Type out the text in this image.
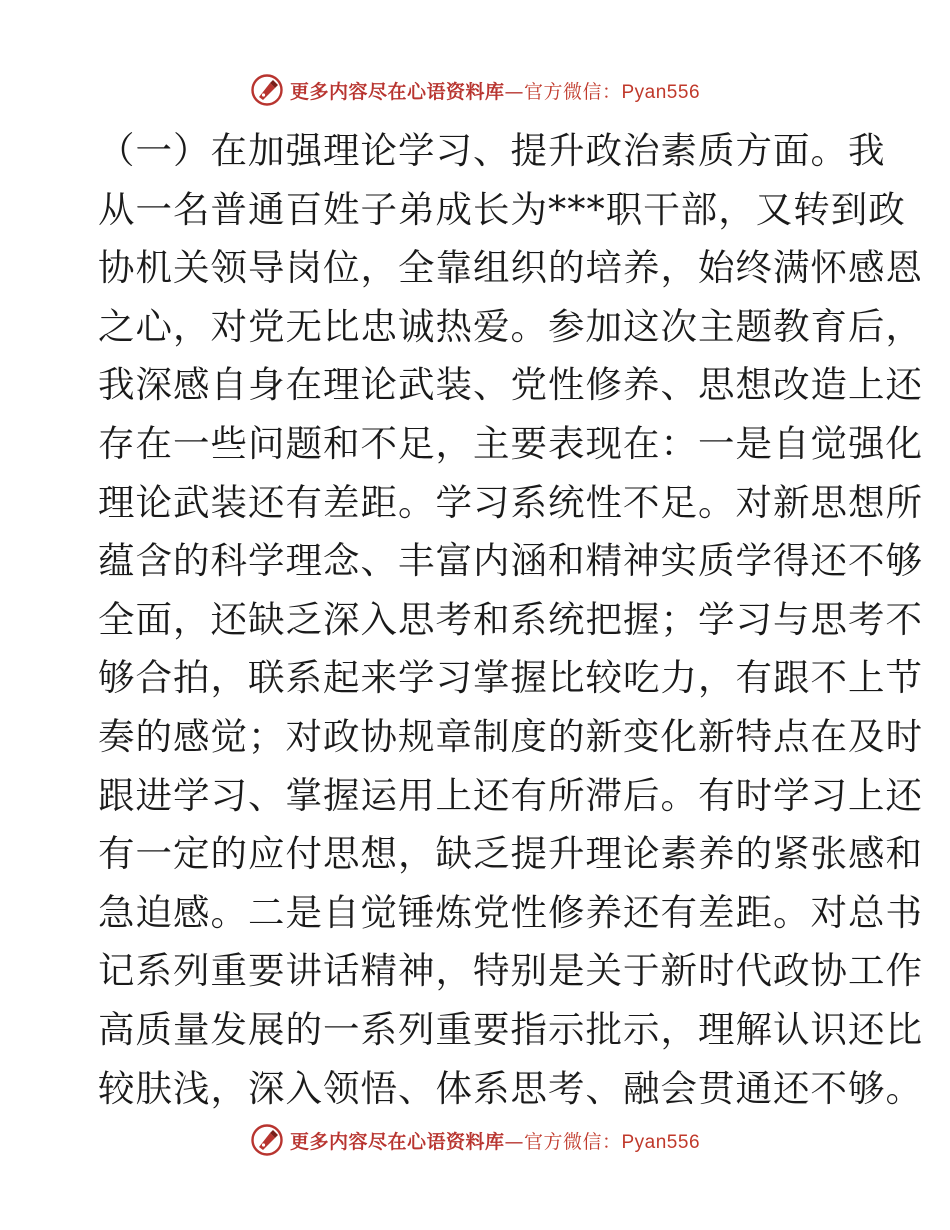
更多内容尽在心语资料库—官方微信：Pyan556
（一）在加强理论学习、提升政治素质方面。我
从一名普通百姓子弟成长为***职干部，又转到政
协机关领导岗位，全靠组织的培养，始终满怀感恩
之心，对党无比忠诚热爱。参加这次主题教育后，
我深感自身在理论武装、党性修养、思想改造上还
存在一些问题和不足，主要表现在：一是自觉强化
理论武装还有差距。学习系统性不足。对新思想所
蕴含的科学理念、丰富内涵和精神实质学得还不够
全面，还缺乏深入思考和系统把握；学习与思考不
够合拍，联系起来学习掌握比较吃力，有跟不上节
奏的感觉；对政协规章制度的新变化新特点在及时
跟进学习、掌握运用上还有所滞后。有时学习上还
有一定的应付思想，缺乏提升理论素养的紧张感和
急迫感。二是自觉锤炼党性修养还有差距。对总书
记系列重要讲话精神，特别是关于新时代政协工作
高质量发展的一系列重要指示批示，理解认识还比
较肤浅，深入领悟、体系思考、融会贯通还不够。
更多内容尽在心语资料库—官方微信：Pyan556
